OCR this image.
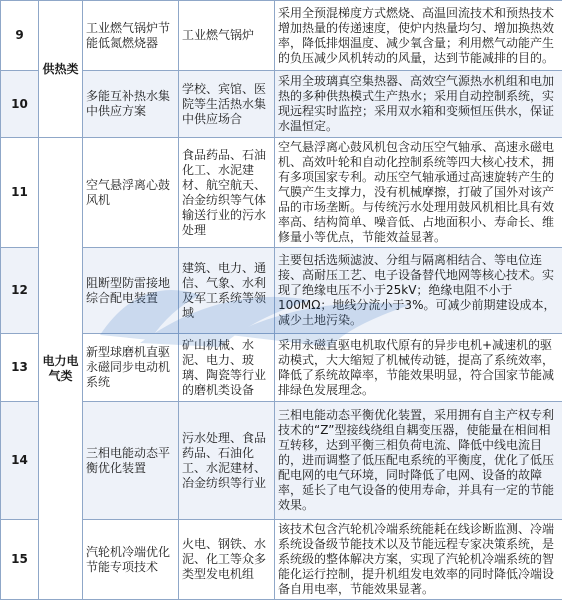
9	供热类	工业燃气锅炉节能低氮燃烧器	工业燃气锅炉	采用全预混梯度方式燃烧、高温回流技术和预热技术增加热量的传递速度，使炉内热量均匀、增加换热效率，降低排烟温度、减少氧含量；利用燃气动能产生的负压减少风机转动的风量，达到节能减排的目的。
10		多能互补热水集中供应方案	学校、宾馆、医院等生活热水集中供应场合	采用全玻璃真空集热器、高效空气源热水机组和电加热的多种供热模式生产热水；采用自动控制系统，实现远程实时监控；采用双水箱和变频恒压供水，保证水温恒定。
11	电力电气类	空气悬浮离心鼓风机	食品药品、石油化工、水泥建材、航空航天、冶金纺织等气体输送行业的污水处理	空气悬浮离心鼓风机包含动压空气轴承、高速永磁电机、高效叶轮和自动化控制系统等四大核心技术，拥有多项国家专利。动压空气轴承通过高速旋转产生的气膜产生支撑力，没有机械摩擦，打破了国外对该产品的市场垄断。与传统污水处理用鼓风机相比具有效率高、结构简单、噪音低、占地面积小、寿命长、维修量小等优点，节能效益显著。
12		阻断型防雷接地综合配电装置	建筑、电力、通信、气象、水利及军工系统等领域	主要包括选频滤波、分组与隔离相结合、等电位连接、高耐压工艺、电子设备替代地网等核心技术。实现了绝缘电压不小于25kV；绝缘电阻不小于100MΩ；地线分流小于3%。可减少前期建设成本，减少土地污染。
13		新型球磨机直驱永磁同步电动机系统	矿山机械、水泥、电力、玻璃、陶瓷等行业的磨机类设备	采用永磁直驱电机取代原有的异步电机+减速机的驱动模式，大大缩短了机械传动链，提高了系统效率，降低了系统故障率，节能效果明显，符合国家节能减排绿色发展理念。
14		三相电能动态平衡优化装置	污水处理、食品药品、石油化工、水泥建材、冶金纺织等行业	三相电能动态平衡优化装置，采用拥有自主产权专利技术的“Z”型接线绕组自耦变压器，使能量在相间相互转移，达到平衡三相负荷电流、降低中线电流目的，进而调整了低压配电系统的平衡度，优化了低压配电网的电气环境，同时降低了电网、设备的故障率，延长了电气设备的使用寿命，并具有一定的节能效果。
15		汽轮机冷端优化节能专项技术	火电、钢铁、水泥、化工等众多类型发电机组	该技术包含汽轮机冷端系统能耗在线诊断监测、冷端系统设备级节能技术以及节能远程专家决策系统，是系统级的整体解决方案，实现了汽轮机冷端系统的智能化运行控制，提升机组发电效率的同时降低冷端设备自用电率，节能效果显著。
